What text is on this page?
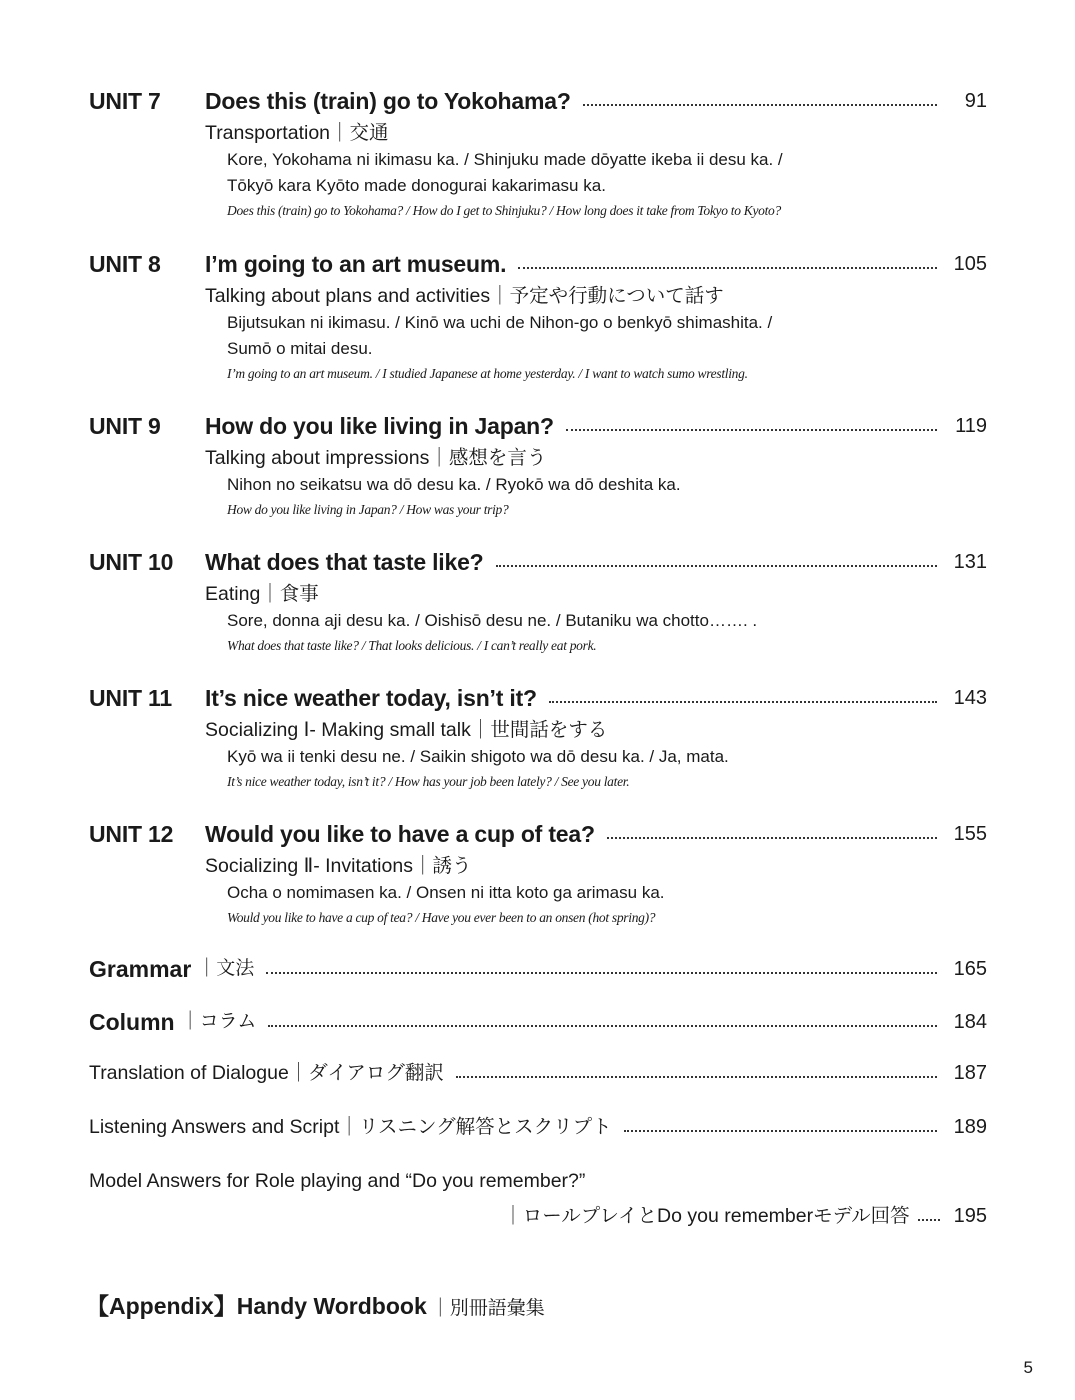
UNIT 7 Does this (train) go to Yokohama?	91
Transportation｜交通
Kore, Yokohama ni ikimasu ka. / Shinjuku made dōyatte ikeba ii desu ka. /
Tōkyō kara Kyōto made donogurai kakarimasu ka.
Does this (train) go to Yokohama? / How do I get to Shinjuku? / How long does it take from Tokyo to Kyoto?
UNIT 8 I’m going to an art museum.	105
Talking about plans and activities｜予定や行動について話す
Bijutsukan ni ikimasu. / Kinō wa uchi de Nihon-go o benkyō shimashita. /
Sumō o mitai desu.
I’m going to an art museum. / I studied Japanese at home yesterday. / I want to watch sumo wrestling.
UNIT 9 How do you like living in Japan?	119
Talking about impressions｜感想を言う
Nihon no seikatsu wa dō desu ka. / Ryokō wa dō deshita ka.
How do you like living in Japan? / How was your trip?
UNIT 10 What does that taste like?	131
Eating｜食事
Sore, donna aji desu ka. / Oishisō desu ne. / Butaniku wa chotto……. .
What does that taste like? / That looks delicious. / I can’t really eat pork.
UNIT 11 It’s nice weather today, isn’t it?	143
Socializing Ⅰ- Making small talk｜世間話をする
Kyō wa ii tenki desu ne. / Saikin shigoto wa dō desu ka. / Ja, mata.
It’s nice weather today, isn’t it? / How has your job been lately? / See you later.
UNIT 12 Would you like to have a cup of tea?	155
Socializing Ⅱ- Invitations｜誘う
Ocha o nomimasen ka. / Onsen ni itta koto ga arimasu ka.
Would you like to have a cup of tea? / Have you ever been to an onsen (hot spring)?
Grammar ｜文法	165
Column ｜コラム	184
Translation of Dialogue｜ダイアログ翻訳	187
Listening Answers and Script｜リスニング解答とスクリプト	189
Model Answers for Role playing and “Do you remember?”
｜ロールプレイとDo you rememberモデル回答 195
【Appendix】Handy Wordbook ｜別冊語彙集
5
